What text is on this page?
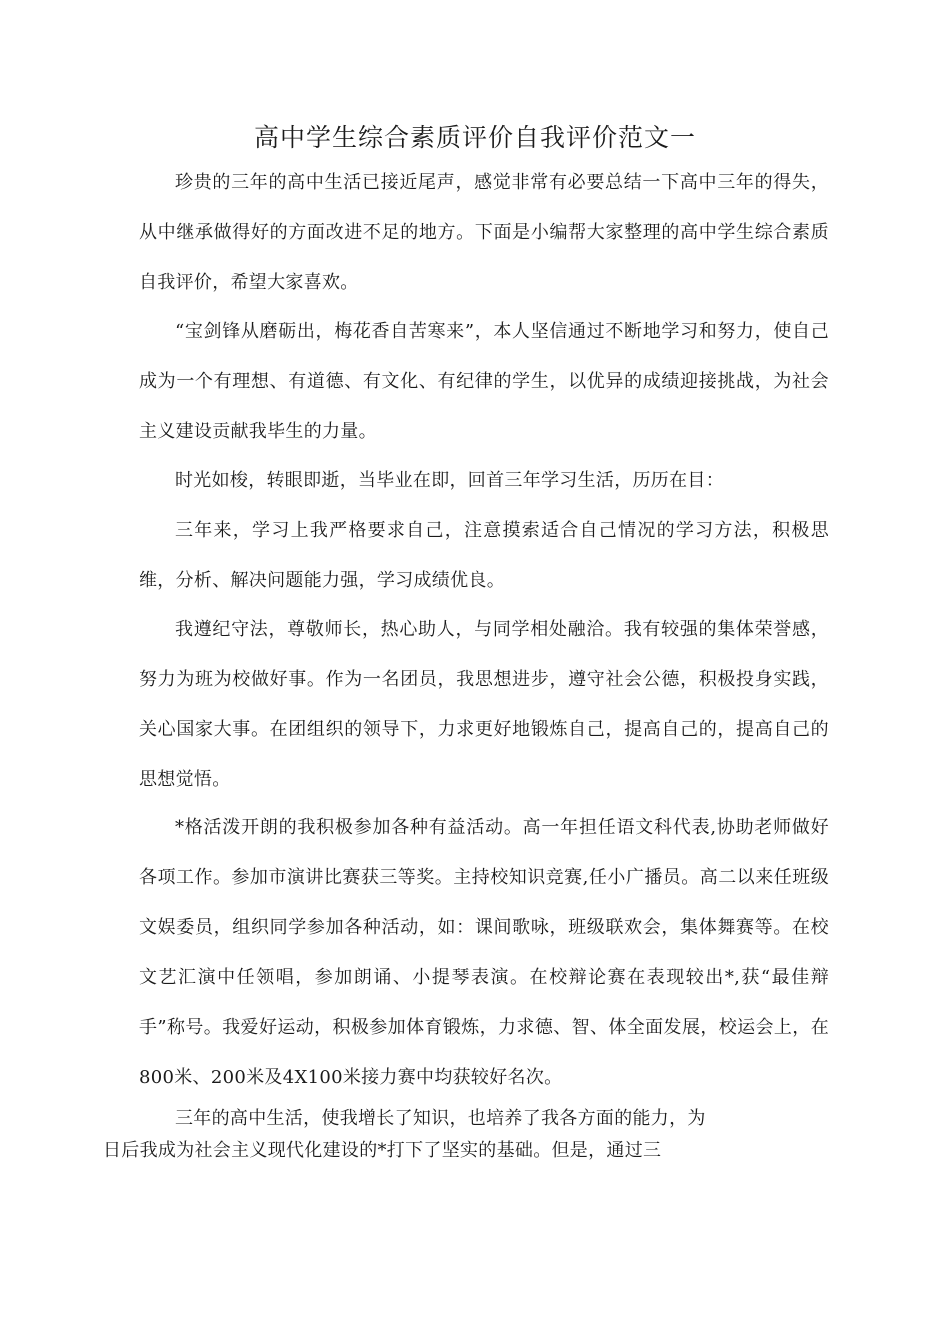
高中学生综合素质评价自我评价范文一

珍贵的三年的高中生活已接近尾声，感觉非常有必要总结一下高中三年的得失，从中继承做得好的方面改进不足的地方。下面是小编帮大家整理的高中学生综合素质自我评价，希望大家喜欢。

“宝剑锋从磨砺出，梅花香自苦寒来”，本人坚信通过不断地学习和努力，使自己成为一个有理想、有道德、有文化、有纪律的学生，以优异的成绩迎接挑战，为社会主义建设贡献我毕生的力量。

时光如梭，转眼即逝，当毕业在即，回首三年学习生活，历历在目：

三年来，学习上我严格要求自己，注意摸索适合自己情况的学习方法，积极思维，分析、解决问题能力强，学习成绩优良。

我遵纪守法，尊敬师长，热心助人，与同学相处融洽。我有较强的集体荣誉感，努力为班为校做好事。作为一名团员，我思想进步，遵守社会公德，积极投身实践，关心国家大事。在团组织的领导下，力求更好地锻炼自己，提高自己的，提高自己的思想觉悟。

*格活泼开朗的我积极参加各种有益活动。高一年担任语文科代表,协助老师做好各项工作。参加市演讲比赛获三等奖。主持校知识竞赛,任小广播员。高二以来任班级文娱委员，组织同学参加各种活动，如：课间歌咏，班级联欢会，集体舞赛等。在校文艺汇演中任领唱，参加朗诵、小提琴表演。在校辩论赛在表现较出*,获“最佳辩手”称号。我爱好运动，积极参加体育锻炼，力求德、智、体全面发展，校运会上，在800米、200米及4X100米接力赛中均获较好名次。

三年的高中生活，使我增长了知识，也培养了我各方面的能力，为
日后我成为社会主义现代化建设的*打下了坚实的基础。但是，通过三
